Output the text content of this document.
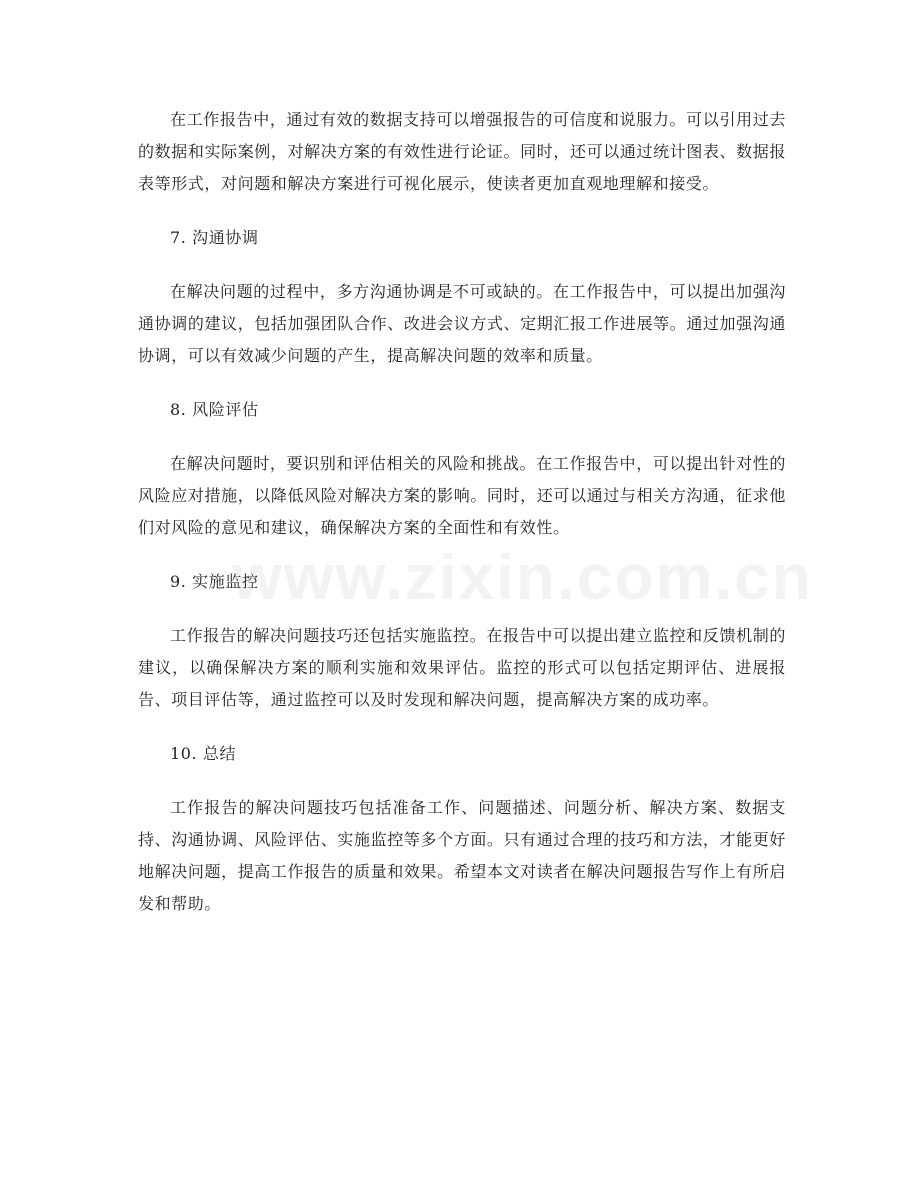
在工作报告中，通过有效的数据支持可以增强报告的可信度和说服力。可以引用过去的数据和实际案例，对解决方案的有效性进行论证。同时，还可以通过统计图表、数据报表等形式，对问题和解决方案进行可视化展示，使读者更加直观地理解和接受。

7. 沟通协调

在解决问题的过程中，多方沟通协调是不可或缺的。在工作报告中，可以提出加强沟通协调的建议，包括加强团队合作、改进会议方式、定期汇报工作进展等。通过加强沟通协调，可以有效减少问题的产生，提高解决问题的效率和质量。

8. 风险评估

在解决问题时，要识别和评估相关的风险和挑战。在工作报告中，可以提出针对性的风险应对措施，以降低风险对解决方案的影响。同时，还可以通过与相关方沟通，征求他们对风险的意见和建议，确保解决方案的全面性和有效性。

9. 实施监控

工作报告的解决问题技巧还包括实施监控。在报告中可以提出建立监控和反馈机制的建议，以确保解决方案的顺利实施和效果评估。监控的形式可以包括定期评估、进展报告、项目评估等，通过监控可以及时发现和解决问题，提高解决方案的成功率。

10. 总结

工作报告的解决问题技巧包括准备工作、问题描述、问题分析、解决方案、数据支持、沟通协调、风险评估、实施监控等多个方面。只有通过合理的技巧和方法，才能更好地解决问题，提高工作报告的质量和效果。希望本文对读者在解决问题报告写作上有所启发和帮助。

www.zixin.com.cn
